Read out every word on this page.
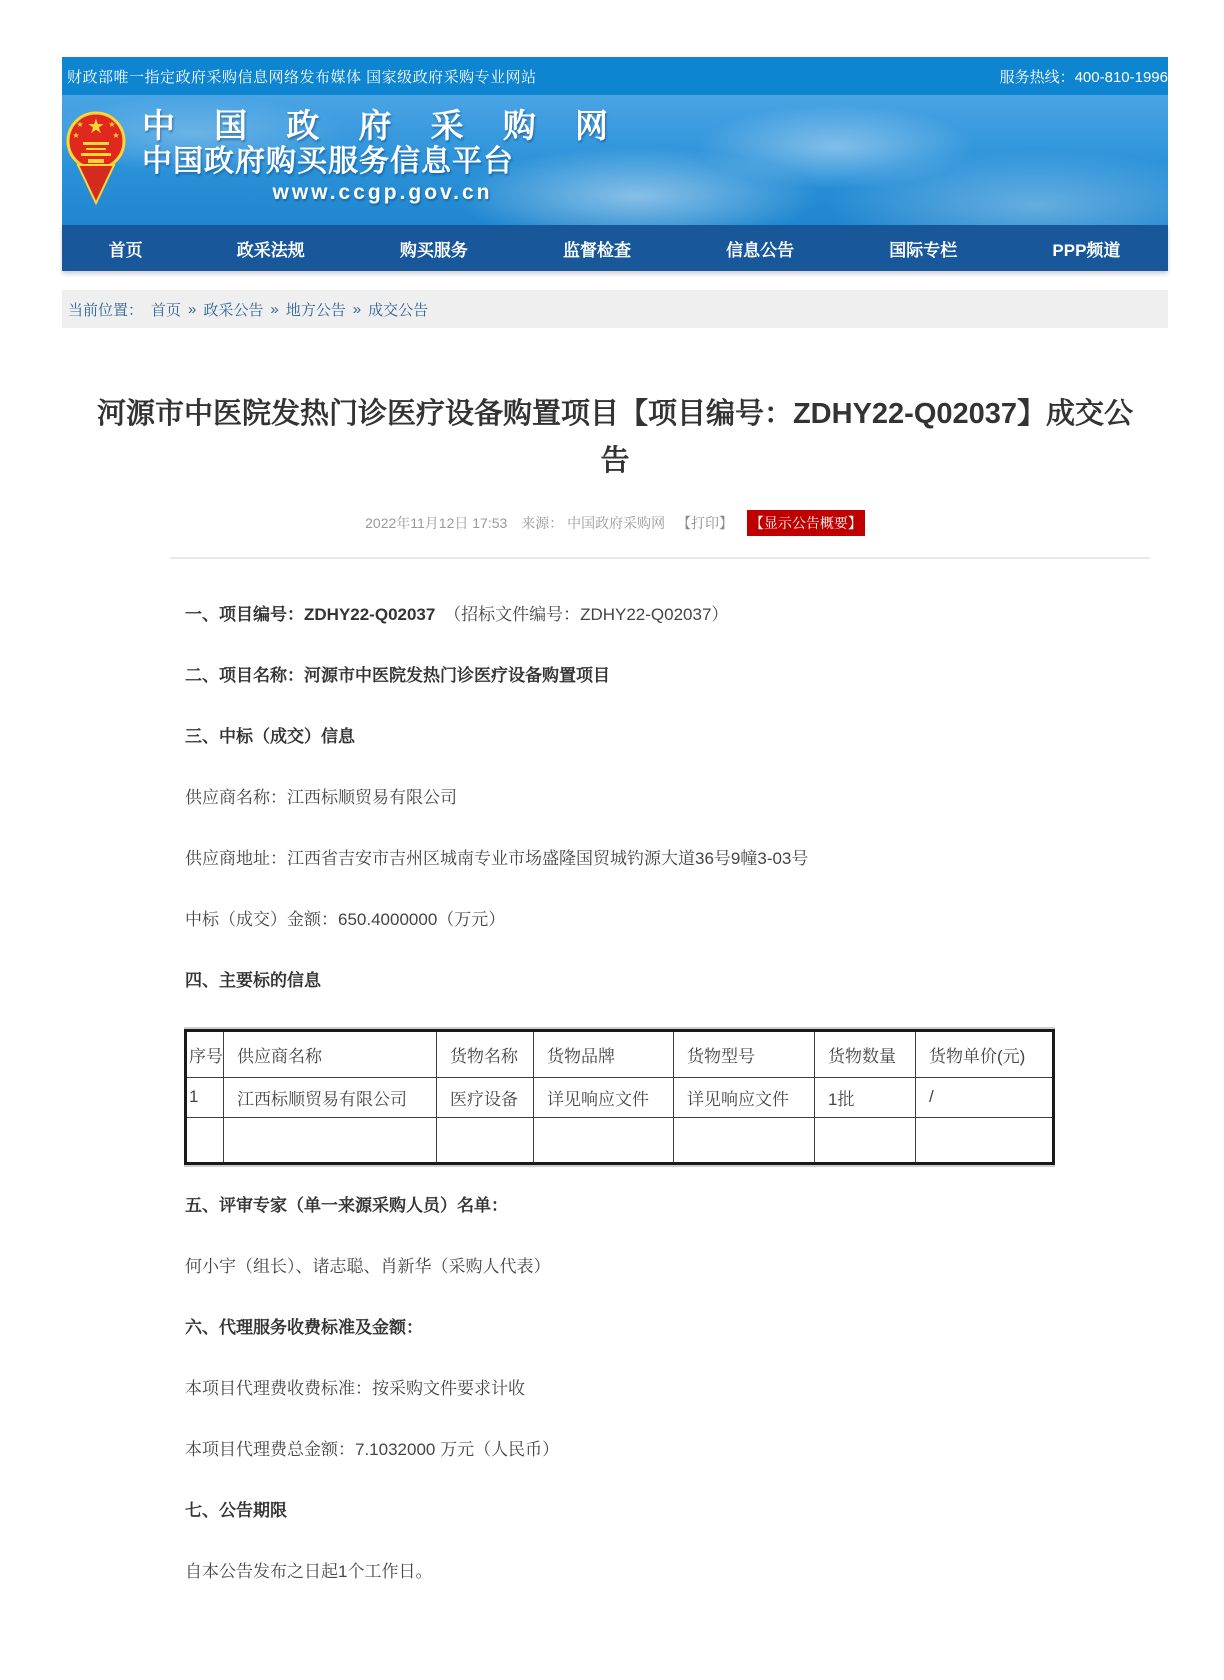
财政部唯一指定政府采购信息网络发布媒体 国家级政府采购专业网站	服务热线：400-810-1996
★
★	★
★	★ 中 国 政 府 采 购 网
中国政府购买服务信息平台
www.ccgp.gov.cn
首页	政采法规	购买服务	监督检查	信息公告	国际专栏	PPP频道
当前位置： 首页 » 政采公告 » 地方公告 » 成交公告
河源市中医院发热门诊医疗设备购置项目【项目编号：ZDHY22-Q02037】成交公告
2022年11月12日 17:53 来源： 中国政府采购网 【打印】 【显示公告概要】
一、项目编号：ZDHY22-Q02037 （招标文件编号：ZDHY22-Q02037）
二、项目名称：河源市中医院发热门诊医疗设备购置项目
三、中标（成交）信息
供应商名称：江西标顺贸易有限公司
供应商地址：江西省吉安市吉州区城南专业市场盛隆国贸城钓源大道36号9幢3-03号
中标（成交）金额：650.4000000（万元）
四、主要标的信息
序号	供应商名称	货物名称	货物品牌	货物型号	货物数量	货物单价(元)
1	江西标顺贸易有限公司	医疗设备	详见响应文件	详见响应文件	1批	/

五、评审专家（单一来源采购人员）名单：
何小宇（组长）、诸志聪、肖新华（采购人代表）
六、代理服务收费标准及金额：
本项目代理费收费标准：按采购文件要求计收
本项目代理费总金额：7.1032000 万元（人民币）
七、公告期限
自本公告发布之日起1个工作日。
